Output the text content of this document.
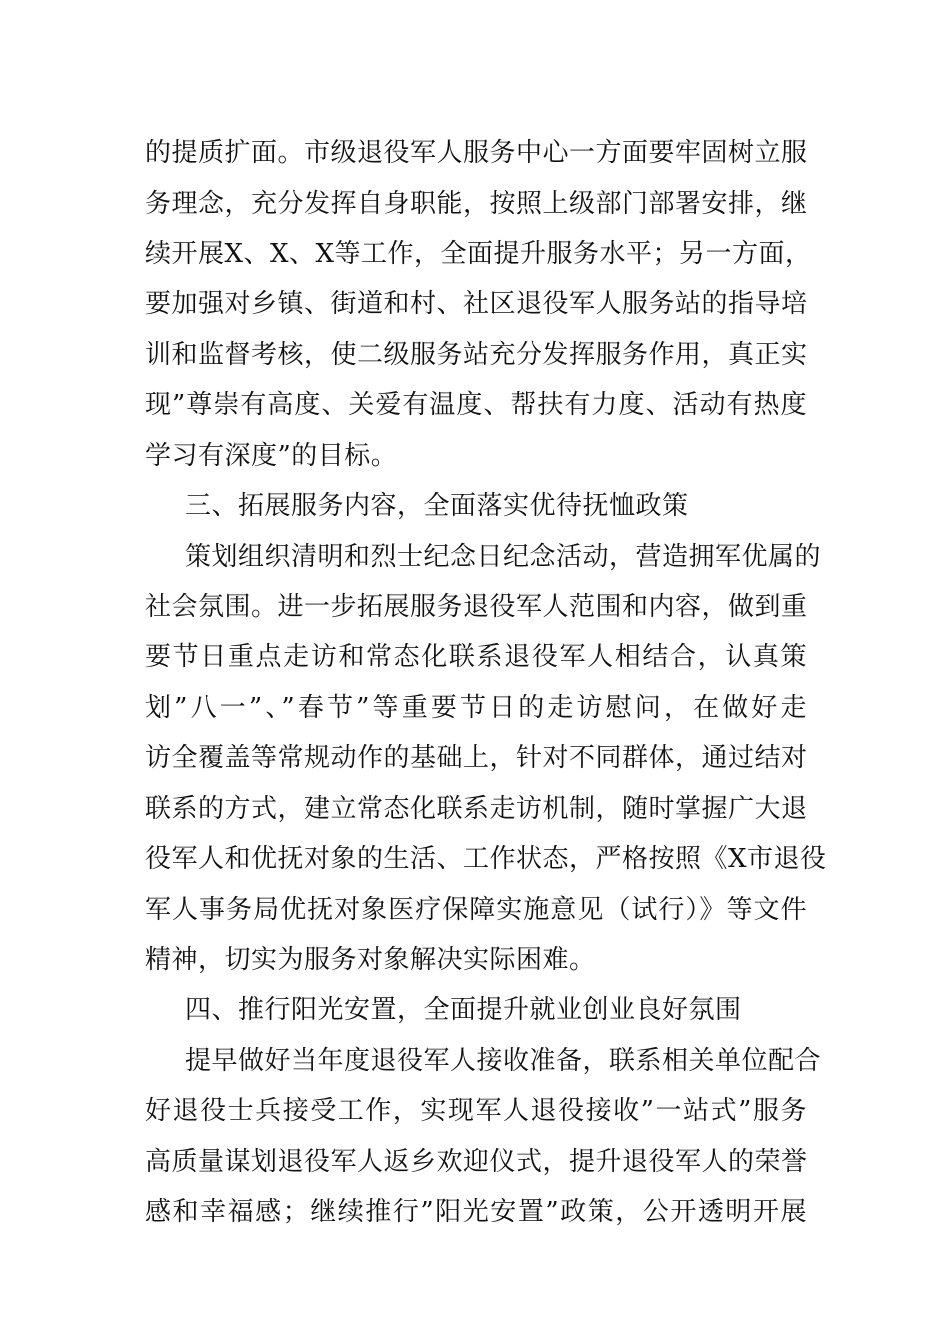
的提质扩面。市级退役军人服务中心一方面要牢固树立服
务理念，充分发挥自身职能，按照上级部门部署安排，继
续开展X、X、X等工作，全面提升服务水平；另一方面，
要加强对乡镇、街道和村、社区退役军人服务站的指导培
训和监督考核，使二级服务站充分发挥服务作用，真正实
现”尊崇有高度、关爱有温度、帮扶有力度、活动有热度
学习有深度”的目标。
三、拓展服务内容，全面落实优待抚恤政策
策划组织清明和烈士纪念日纪念活动，营造拥军优属的
社会氛围。进一步拓展服务退役军人范围和内容，做到重
要节日重点走访和常态化联系退役军人相结合，认真策
划”八一”、”春节”等重要节日的走访慰问，在做好走
访全覆盖等常规动作的基础上，针对不同群体，通过结对
联系的方式，建立常态化联系走访机制，随时掌握广大退
役军人和优抚对象的生活、工作状态，严格按照《X市退役
军人事务局优抚对象医疗保障实施意见（试行）》等文件
精神，切实为服务对象解决实际困难。
四、推行阳光安置，全面提升就业创业良好氛围
提早做好当年度退役军人接收准备，联系相关单位配合
好退役士兵接受工作，实现军人退役接收”一站式”服务
高质量谋划退役军人返乡欢迎仪式，提升退役军人的荣誉
感和幸福感；继续推行”阳光安置”政策，公开透明开展
